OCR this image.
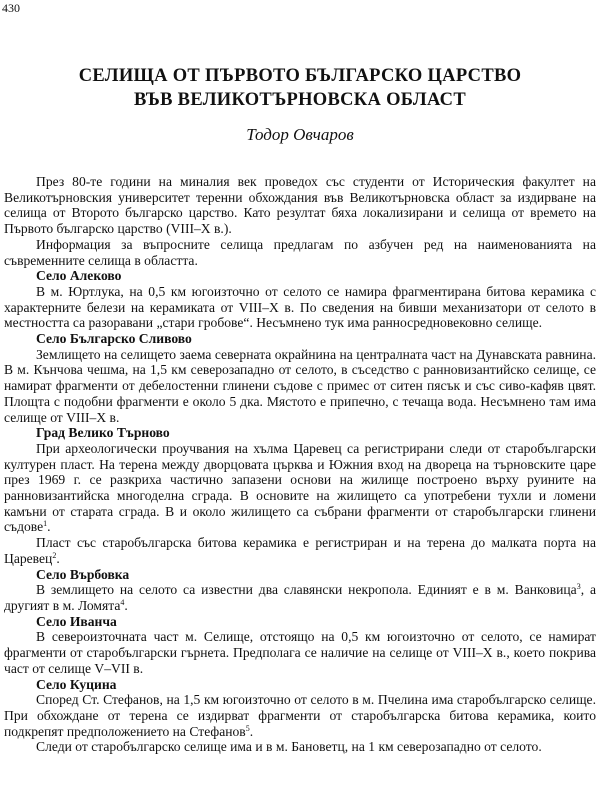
430
СЕЛИЩА ОТ ПЪРВОТО БЪЛГАРСКО ЦАРСТВО
ВЪВ ВЕЛИКОТЪРНОВСКА ОБЛАСТ
Тодор Овчаров

През 80-те години на миналия век проведох със студенти от Историческия факултет на Великотърновския университет теренни обхождания във Великотърновска област за издирване на селища от Второто българско царство. Като резултат бяха локализирани и селища от времето на Първото българско царство (VIII–X в.).

Информация за въпросните селища предлагам по азбучен ред на наименованията на съвременните селища в областта.

Село Алеково

В м. Юртлука, на 0,5 км югоизточно от селото се намира фрагментирана битова керамика с характерните белези на керамиката от VIII–X в. По сведения на бивши механизатори от селото в местността са разоравани „стари гробове“. Несъмнено тук има ранносредновековно селище.

Село Българско Сливово

Землището на селището заема северната окрайнина на централната част на Дунавската равнина. В м. Кънчова чешма, на 1,5 км северозападно от селото, в съседство с ранновизантийско селище, се намират фрагменти от дебелостенни глинени съдове с примес от ситен пясък и със сиво-кафяв цвят. Площта с подобни фрагменти е около 5 дка. Мястото е припечно, с течаща вода. Несъмнено там има селище от VIII–X в.

Град Велико Търново

При археологически проучвания на хълма Царевец са регистрирани следи от старобългарски културен пласт. На терена между дворцовата църква и Южния вход на двореца на търновските царе през 1969 г. се разкриха частично запазени основи на жилище построено върху руините на ранновизантийска многоделна сграда. В основите на жилището са употребени тухли и ломени камъни от старата сграда. В и около жилището са събрани фрагменти от старобългарски глинени съдове$^1$.

Пласт със старобългарска битова керамика е регистриран и на терена до малката порта на Царевец$^2$.

Село Върбовка

В землището на селото са известни два славянски некропола. Единият е в м. Ванковица$^3$, а другият в м. Ломята$^4$.

Село Иванча

В североизточната част м. Селище, отстоящо на 0,5 км югоизточно от селото, се намират фрагменти от старобългарски гърнета. Предполага се наличие на селище от VIII–X в., което покрива част от селище V–VII в.

Село Куцина

Според Ст. Стефанов, на 1,5 км югоизточно от селото в м. Пчелина има старобългарско селище. При обхождане от терена се издирват фрагменти от старобългарска битова керамика, които подкрепят предположението на Стефанов$^5$.

Следи от старобългарско селище има и в м. Бановетц, на 1 км северозападно от селото.
